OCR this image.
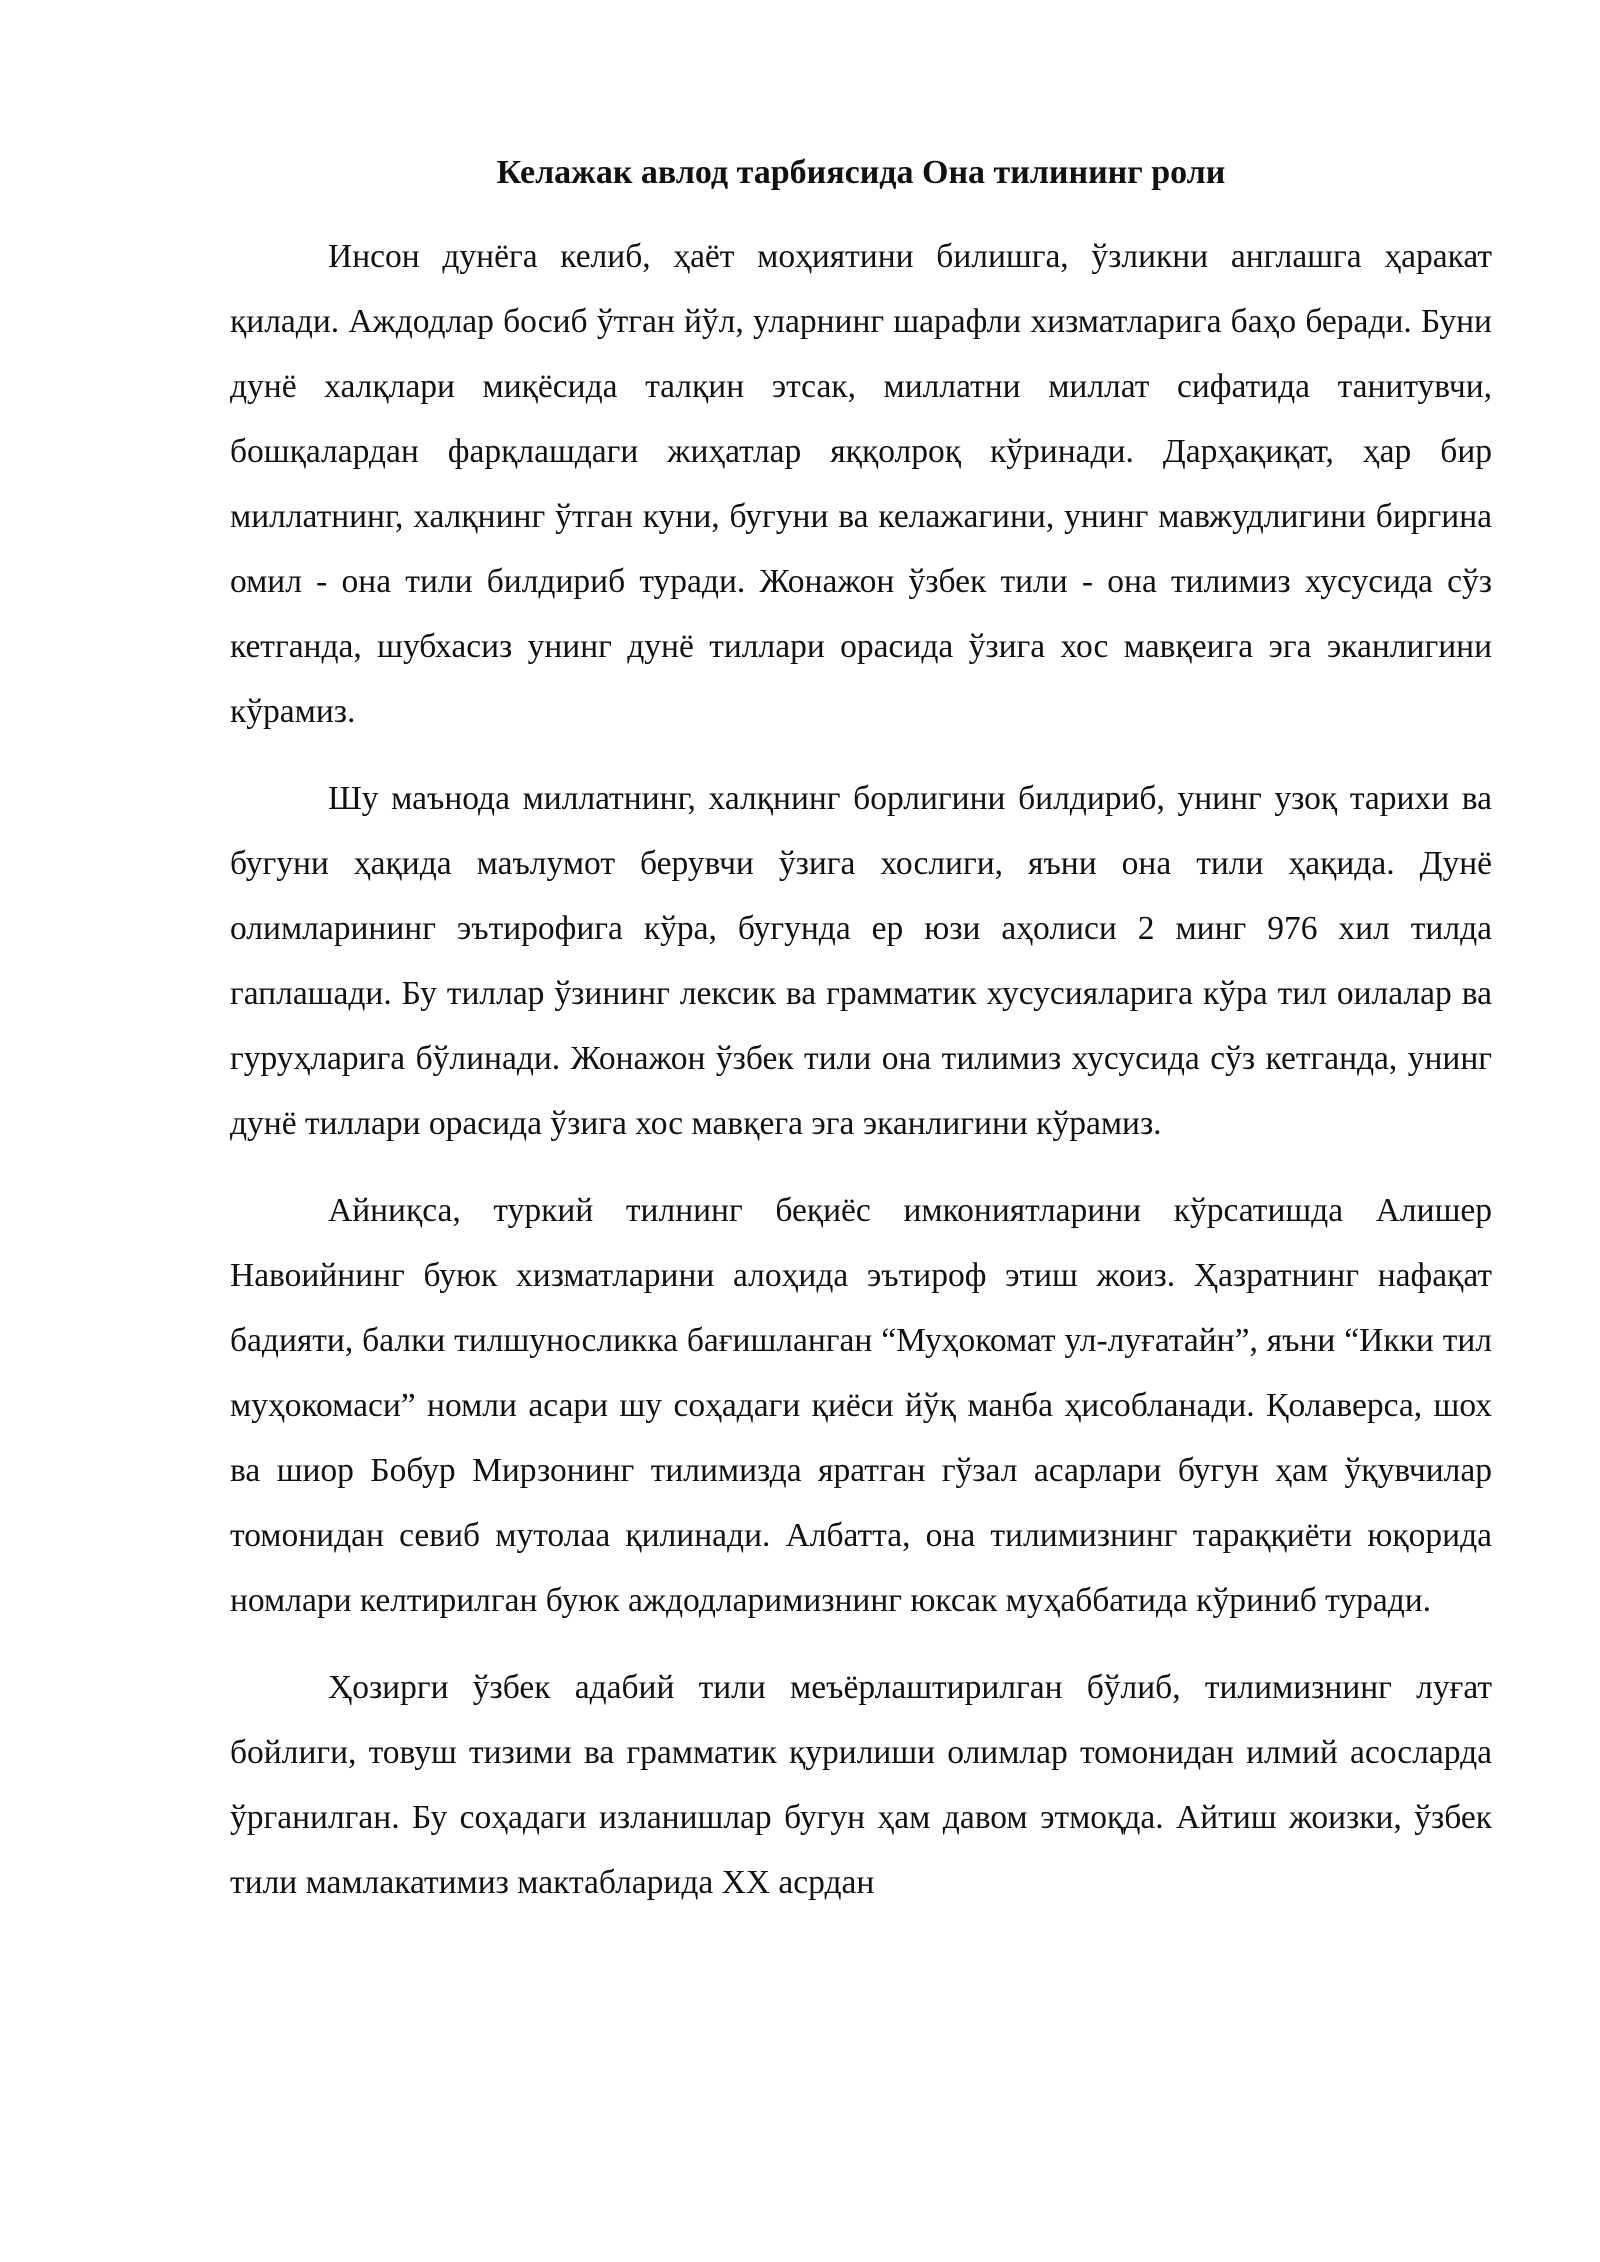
Келажак авлод тарбиясида Она тилининг роли

Инсон дунёга келиб, ҳаёт моҳиятини билишга, ўзликни англашга ҳаракат қилади. Аждодлар босиб ўтган йўл, уларнинг шарафли хизматларига баҳо беради. Буни дунё халқлари миқёсида талқин этсак, миллатни миллат сифатида танитувчи, бошқалардан фарқлашдаги жиҳатлар яққолроқ кўринади. Дарҳақиқат, ҳар бир миллатнинг, халқнинг ўтган куни, бугуни ва келажагини, унинг мавжудлигини биргина омил - она тили билдириб туради. Жонажон ўзбек тили - она тилимиз хусусида сўз кетганда, шубхасиз унинг дунё тиллари орасида ўзига хос мавқеига эга эканлигини кўрамиз.

Шу маънода миллатнинг, халқнинг борлигини билдириб, унинг узоқ тарихи ва бугуни ҳақида маълумот берувчи ўзига хослиги, яъни она тили ҳақида. Дунё олимларининг эътирофига кўра, бугунда ер юзи аҳолиси 2 минг 976 хил тилда гаплашади. Бу тиллар ўзининг лексик ва грамматик хусусияларига кўра тил оилалар ва гуруҳларига бўлинади. Жонажон ўзбек тили она тилимиз хусусида сўз кетганда, унинг дунё тиллари орасида ўзига хос мавқега эга эканлигини кўрамиз.

Айниқса, туркий тилнинг беқиёс имкониятларини кўрсатишда Алишер Навоийнинг буюк хизматларини алоҳида эътироф этиш жоиз. Ҳазратнинг нафақат бадияти, балки тилшуносликка бағишланган “Муҳокомат ул-луғатайн”, яъни “Икки тил муҳокомаси” номли асари шу соҳадаги қиёси йўқ манба ҳисобланади. Қолаверса, шох ва шиор Бобур Мирзонинг тилимизда яратган гўзал асарлари бугун ҳам ўқувчилар томонидан севиб мутолаа қилинади. Албатта, она тилимизнинг тараққиёти юқорида номлари келтирилган буюк аждодларимизнинг юксак муҳаббатида кўриниб туради.

Ҳозирги ўзбек адабий тили меъёрлаштирилган бўлиб, тилимизнинг луғат бойлиги, товуш тизими ва грамматик қурилиши олимлар томонидан илмий асосларда ўрганилган. Бу соҳадаги изланишлар бугун ҳам давом этмоқда. Айтиш жоизки, ўзбек тили мамлакатимиз мактабларида XX асрдан
